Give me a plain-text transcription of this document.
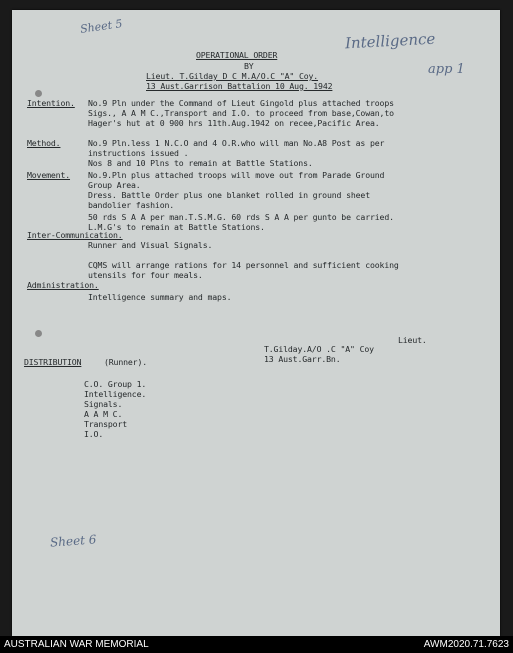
Sheet 5
Intelligence
app 1
Sheet 6
OPERATIONAL ORDER
BY
Lieut. T.Gilday D C M.A/O.C "A" Coy.
13 Aust.Garrison Battalion 10 Aug. 1942
Intention. No.9 Pln under the Command of Lieut Gingold plus attached troops
Sigs., A A M C.,Transport and I.O. to proceed from base,Cowan,to
Hager's hut at 0 900 hrs 11th.Aug.1942 on recee,Pacific Area.
Method.	No.9 Pln.less 1 N.C.O and 4 O.R.who will man No.A8 Post as per
instructions issued .
Nos 8 and 10 Plns to remain at Battle Stations.
Movement. No.9.Pln plus attached troops will move out from Parade Ground
Group Area.
Dress. Battle Order plus one blanket rolled in ground sheet
bandolier fashion.
50 rds S A A per man.T.S.M.G. 60 rds S A A per gunto be carried.
L.M.G's to remain at Battle Stations.
Inter-Communication.
Runner and Visual Signals.
CQMS will arrange rations for 14 personnel and sufficient cooking
utensils for four meals.
Administration.
Intelligence summary and maps.
Lieut.
T.Gilday.A/O .C "A" Coy
13 Aust.Garr.Bn.
DISTRIBUTION	(Runner).
C.O. Group 1.
Intelligence.
Signals.
A A M C.
Transport
I.O.
AUSTRALIAN WAR MEMORIAL	AWM2020.71.7623
